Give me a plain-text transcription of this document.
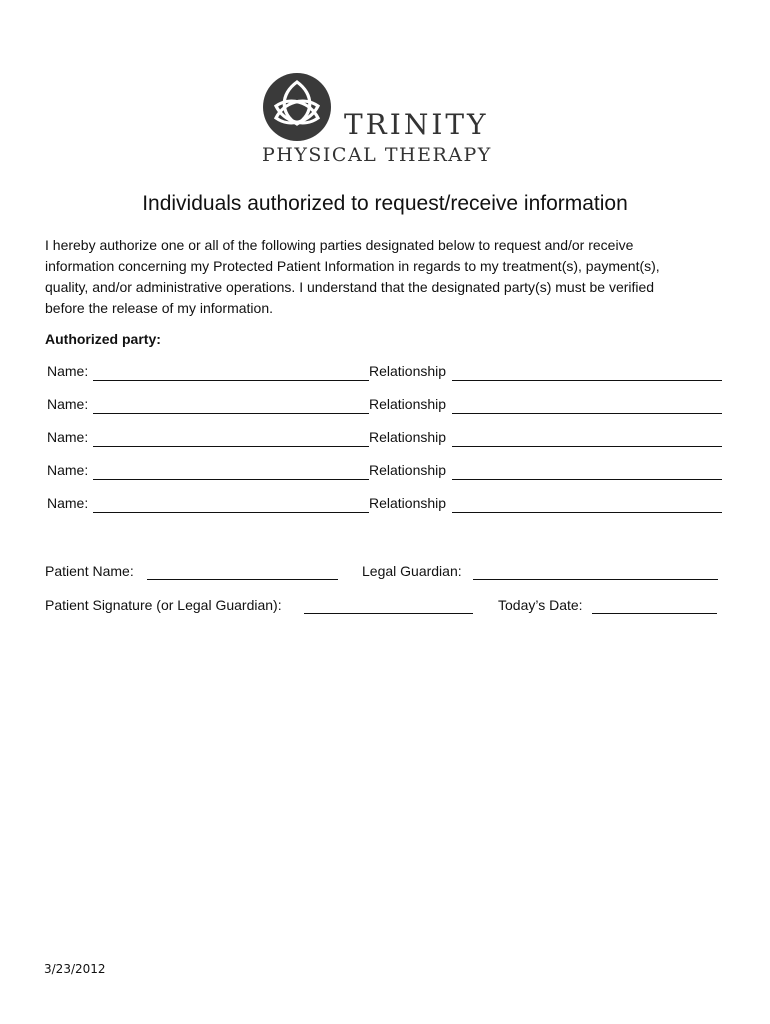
TRINITY
PHYSICAL THERAPY
Individuals authorized to request/receive information
I hereby authorize one or all of the following parties designated below to request and/or receive
information concerning my Protected Patient Information in regards to my treatment(s), payment(s),
quality, and/or administrative operations. I understand that the designated party(s) must be verified
before the release of my information.
Authorized party:
Name:	Relationship
Name:	Relationship
Name:	Relationship
Name:	Relationship
Name:	Relationship
Patient Name:	Legal Guardian:
Patient Signature (or Legal Guardian):	Today’s Date:
3/23/2012
